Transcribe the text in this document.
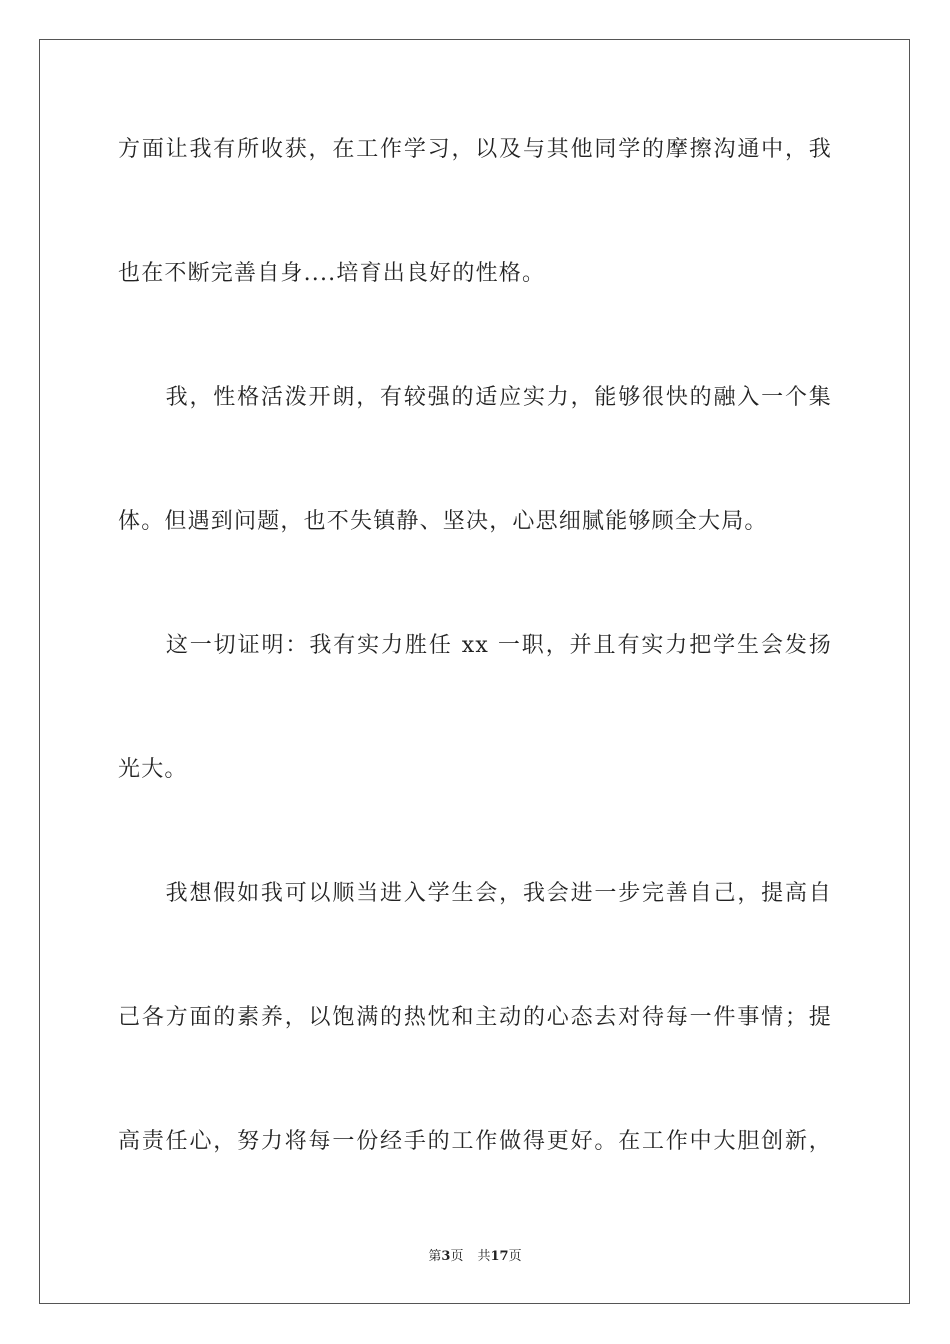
方面让我有所收获，在工作学习，以及与其他同学的摩擦沟通中，我
也在不断完善自身....培育出良好的性格。
　　我，性格活泼开朗，有较强的适应实力，能够很快的融入一个集
体。但遇到问题，也不失镇静、坚决，心思细腻能够顾全大局。
　　这一切证明：我有实力胜任 xx 一职，并且有实力把学生会发扬
光大。
　　我想假如我可以顺当进入学生会，我会进一步完善自己，提高自
己各方面的素养，以饱满的热忱和主动的心态去对待每一件事情；提
高责任心，努力将每一份经手的工作做得更好。在工作中大胆创新，
第3页 共17页
